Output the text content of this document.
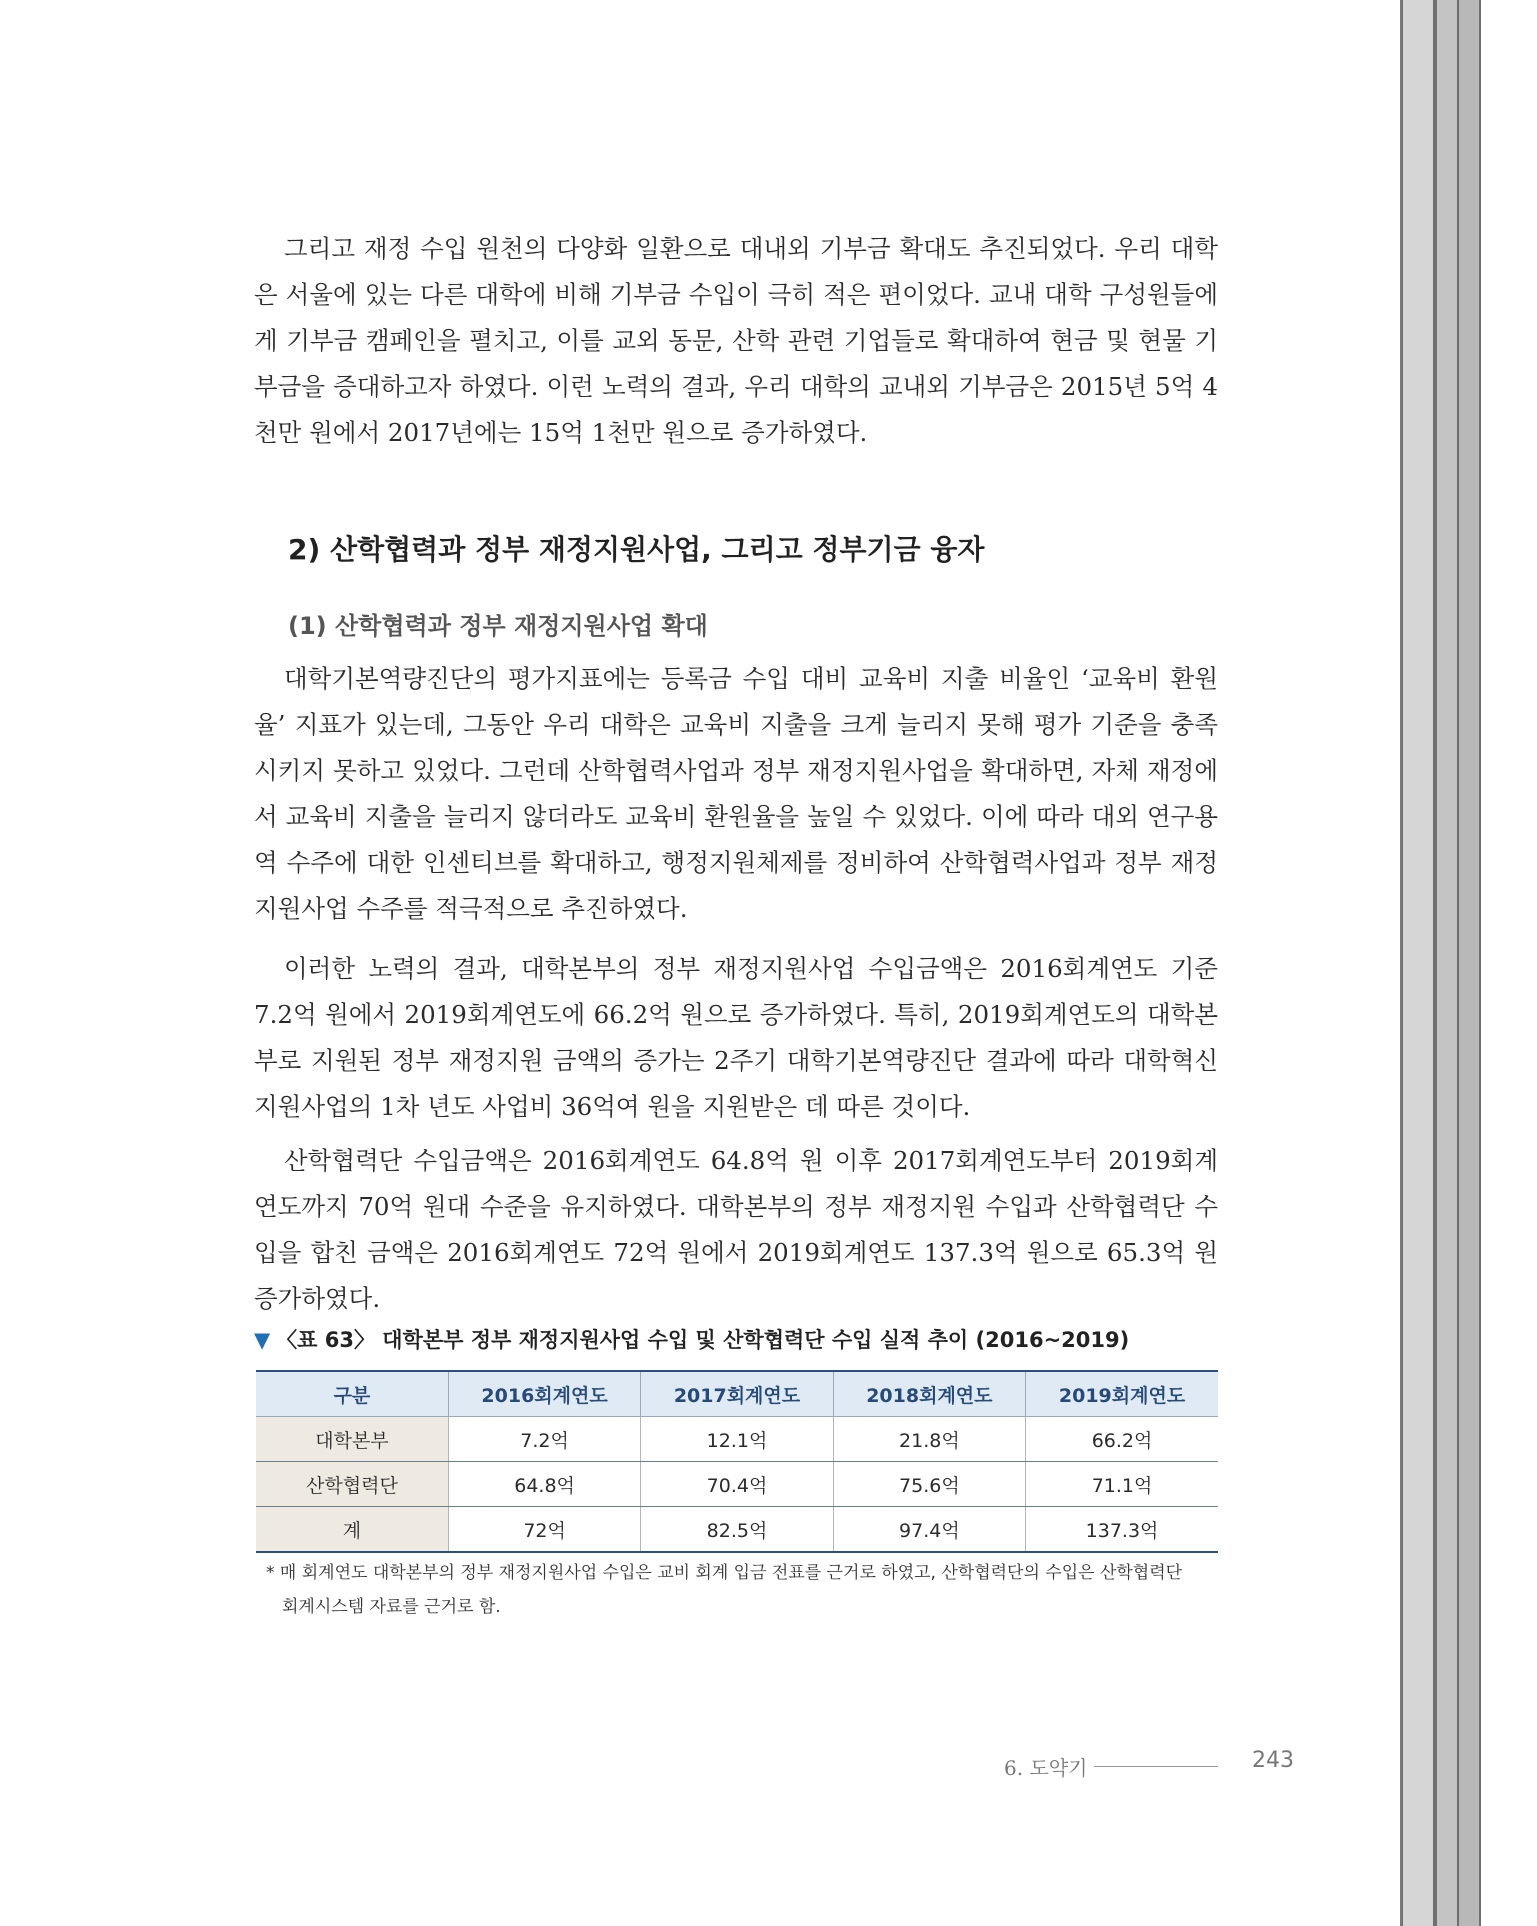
그리고 재정 수입 원천의 다양화 일환으로 대내외 기부금 확대도 추진되었다. 우리 대학은 서울에 있는 다른 대학에 비해 기부금 수입이 극히 적은 편이었다. 교내 대학 구성원들에게 기부금 캠페인을 펼치고, 이를 교외 동문, 산학 관련 기업들로 확대하여 현금 및 현물 기부금을 증대하고자 하였다. 이런 노력의 결과, 우리 대학의 교내외 기부금은 2015년 5억 4천만 원에서 2017년에는 15억 1천만 원으로 증가하였다.

2) 산학협력과 정부 재정지원사업, 그리고 정부기금 융자
(1) 산학협력과 정부 재정지원사업 확대

대학기본역량진단의 평가지표에는 등록금 수입 대비 교육비 지출 비율인 ‘교육비 환원율’ 지표가 있는데, 그동안 우리 대학은 교육비 지출을 크게 늘리지 못해 평가 기준을 충족시키지 못하고 있었다. 그런데 산학협력사업과 정부 재정지원사업을 확대하면, 자체 재정에서 교육비 지출을 늘리지 않더라도 교육비 환원율을 높일 수 있었다. 이에 따라 대외 연구용역 수주에 대한 인센티브를 확대하고, 행정지원체제를 정비하여 산학협력사업과 정부 재정지원사업 수주를 적극적으로 추진하였다.

이러한 노력의 결과, 대학본부의 정부 재정지원사업 수입금액은 2016회계연도 기준 7.2억 원에서 2019회계연도에 66.2억 원으로 증가하였다. 특히, 2019회계연도의 대학본부로 지원된 정부 재정지원 금액의 증가는 2주기 대학기본역량진단 결과에 따라 대학혁신지원사업의 1차 년도 사업비 36억여 원을 지원받은 데 따른 것이다.

산학협력단 수입금액은 2016회계연도 64.8억 원 이후 2017회계연도부터 2019회계연도까지 70억 원대 수준을 유지하였다. 대학본부의 정부 재정지원 수입과 산학협력단 수입을 합친 금액은 2016회계연도 72억 원에서 2019회계연도 137.3억 원으로 65.3억 원 증가하였다.

▼ 〈표 63〉 대학본부 정부 재정지원사업 수입 및 산학협력단 수입 실적 추이 (2016~2019)
구분	2016회계연도	2017회계연도	2018회계연도	2019회계연도
대학본부	7.2억	12.1억	21.8억	66.2억
산학협력단	64.8억	70.4억	75.6억	71.1억
계	72억	82.5억	97.4억	137.3억
* 매 회계연도 대학본부의 정부 재정지원사업 수입은 교비 회계 입금 전표를 근거로 하였고, 산학협력단의 수입은 산학협력단
회계시스템 자료를 근거로 함.
6. 도약기	243
